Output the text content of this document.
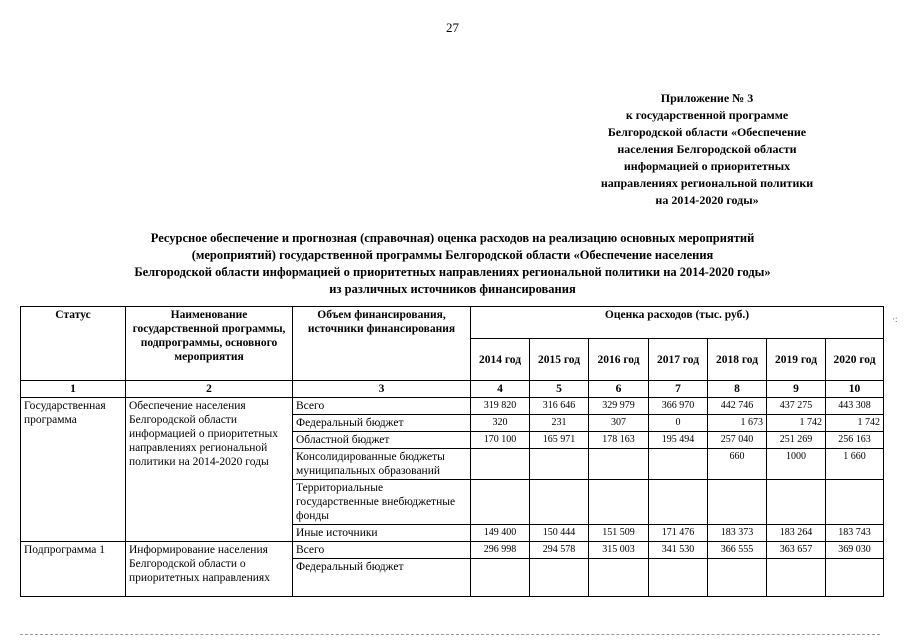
27
Приложение № 3
к государственной программе
Белгородской области «Обеспечение
населения Белгородской области
информацией о приоритетных
направлениях региональной политики
на 2014-2020 годы»
Ресурсное обеспечение и прогнозная (справочная) оценка расходов на реализацию основных мероприятий
(мероприятий) государственной программы Белгородской области «Обеспечение населения
Белгородской области информацией о приоритетных направлениях региональной политики на 2014-2020 годы»
из различных источников финансирования
·:
Статус	Наименование государственной программы, подпрограммы, основного мероприятия	Объем финансирования, источники финансирования	Оценка расходов (тыс. руб.)						
			2014 год	2015 год	2016 год	2017 год	2018 год	2019 год	2020 год
1	2	3	4	5	6	7	8	9	10
Государственная программа	Обеспечение населения Белгородской области информацией о приоритетных направлениях региональной политики на 2014-2020 годы	Всего	319 820	316 646	329 979	366 970	442 746	437 275	443 308
		Федеральный бюджет	320	231	307	0	1 673	1 742	1 742
		Областной бюджет	170 100	165 971	178 163	195 494	257 040	251 269	256 163
		Консолидированные бюджеты муниципальных образований					660	1000	1 660
		Территориальные государственные внебюджетные фонды							
		Иные источники	149 400	150 444	151 509	171 476	183 373	183 264	183 743
Подпрограмма 1	Информирование населения Белгородской области о приоритетных направлениях	Всего	296 998	294 578	315 003	341 530	366 555	363 657	369 030
		Федеральный бюджет							
